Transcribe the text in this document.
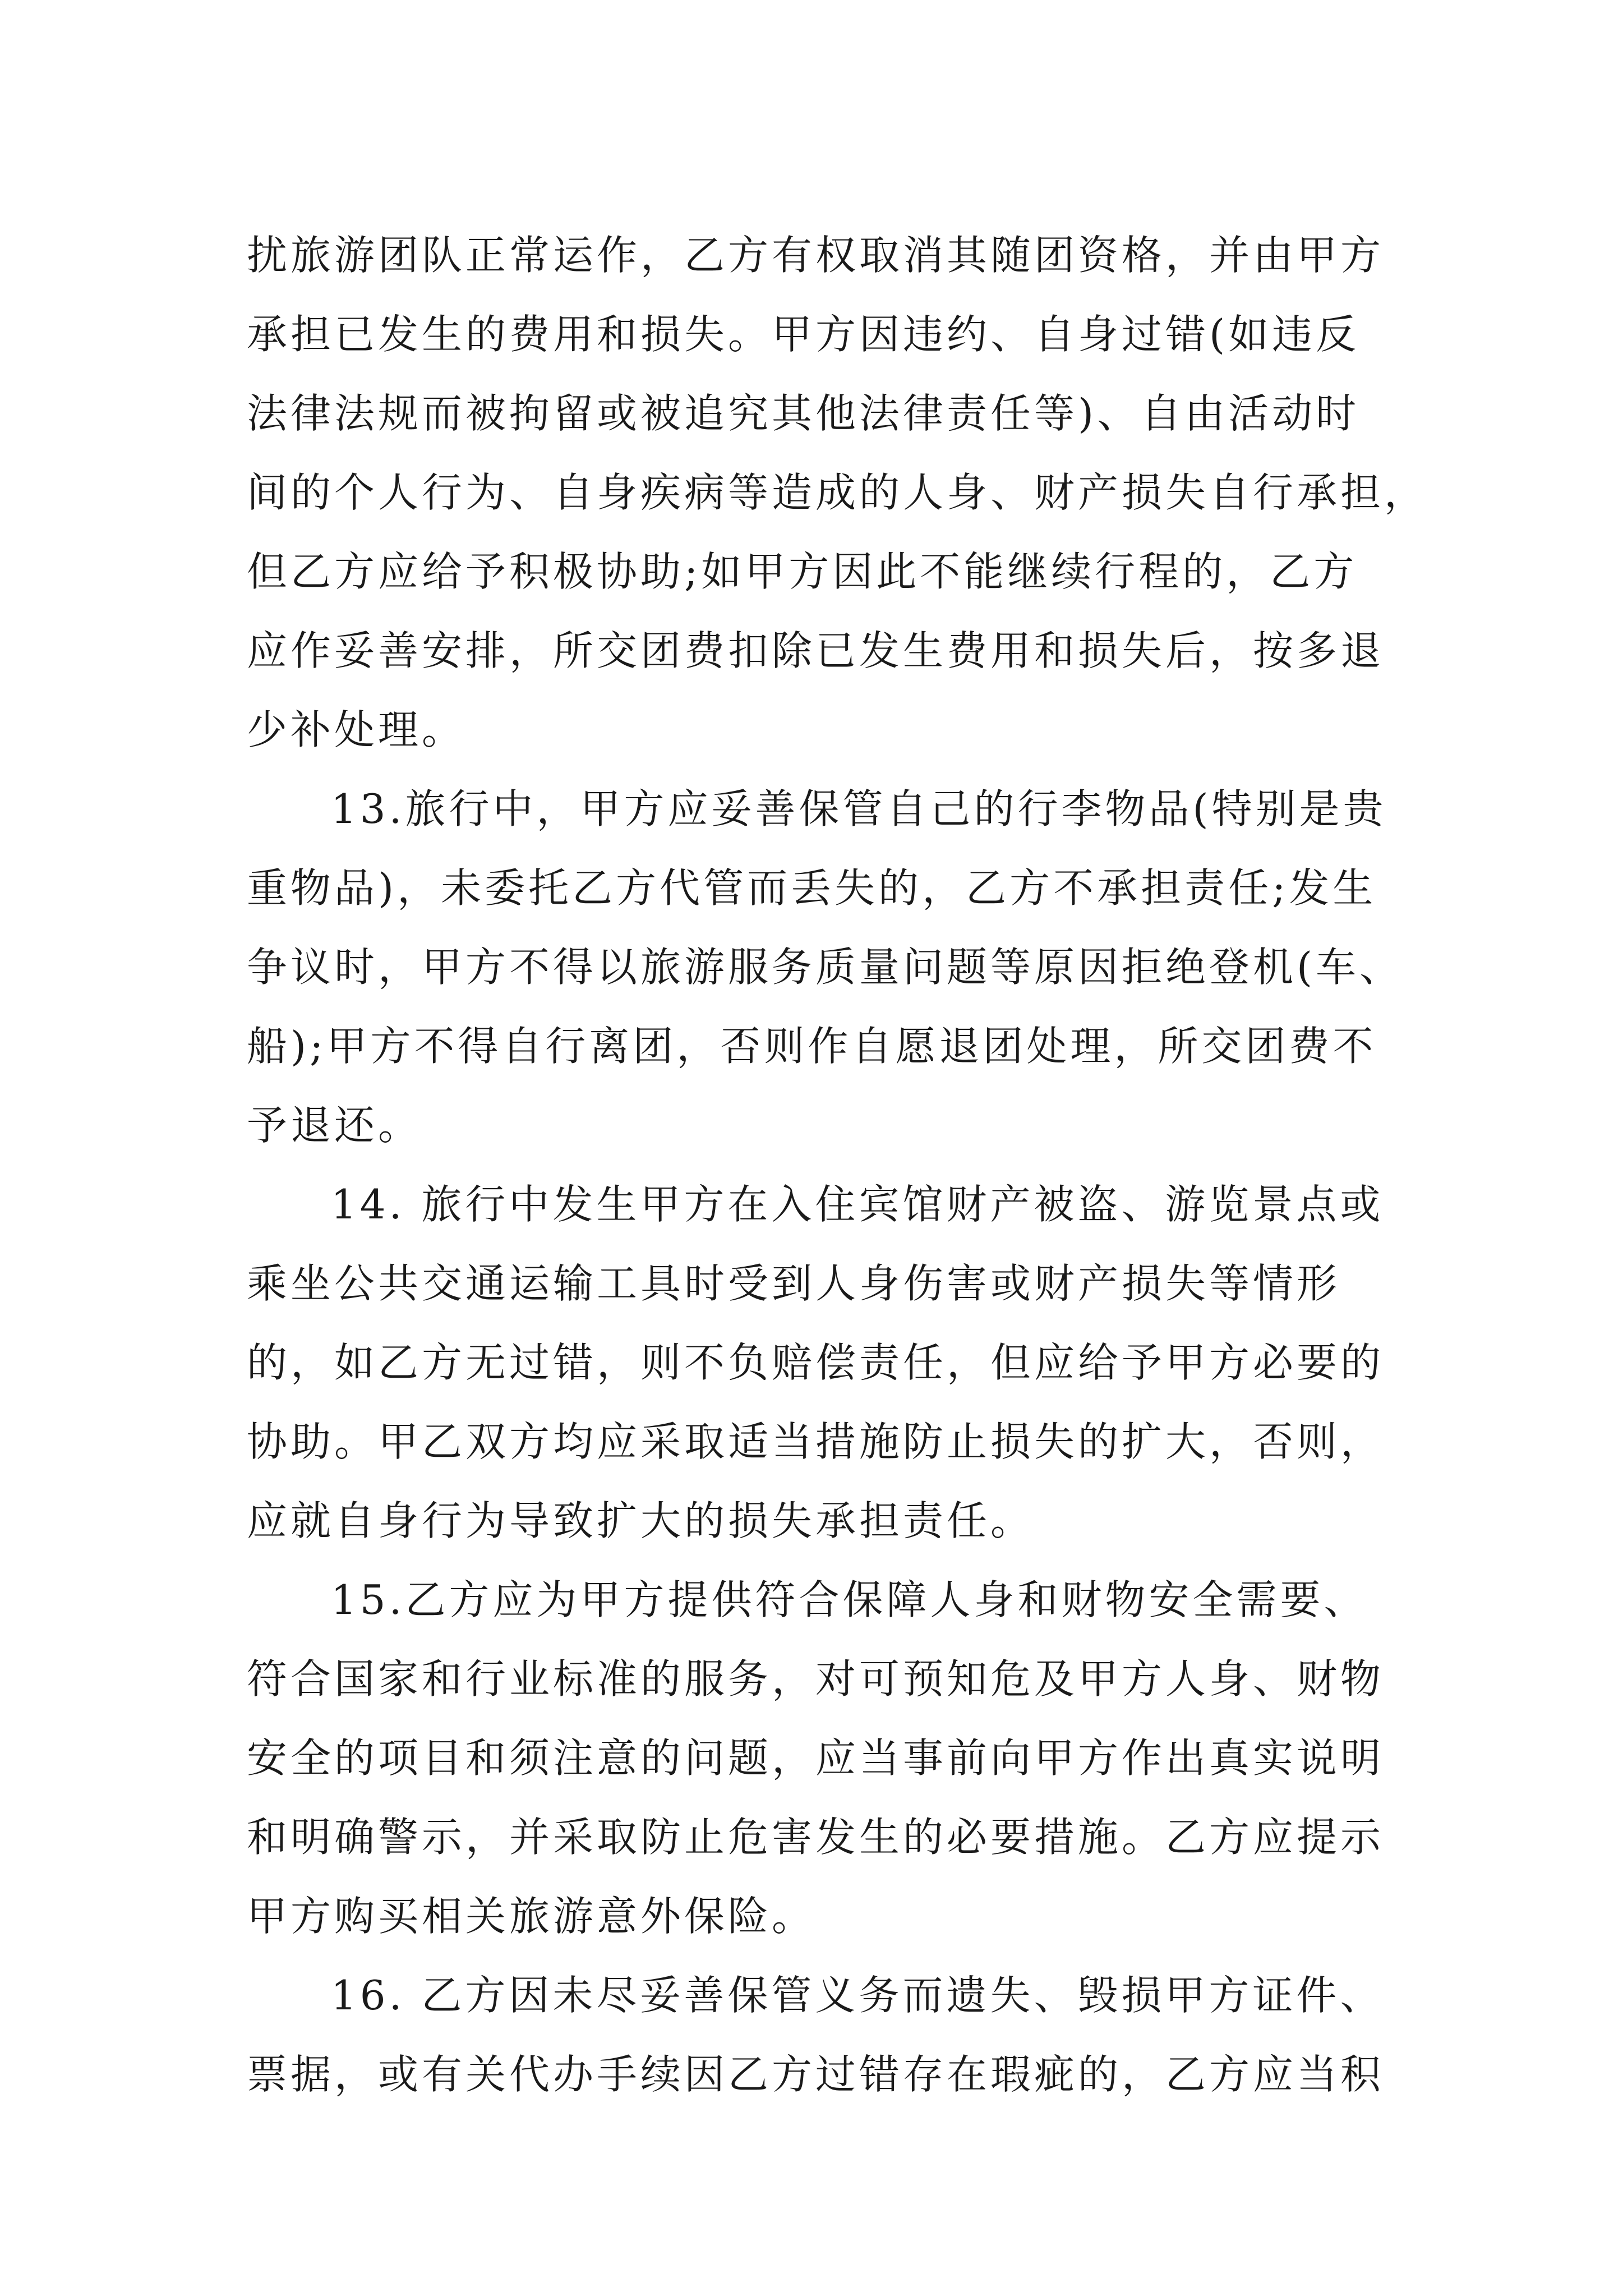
扰旅游团队正常运作，乙方有权取消其随团资格，并由甲方
承担已发生的费用和损失。甲方因违约、自身过错(如违反
法律法规而被拘留或被追究其他法律责任等)、自由活动时
间的个人行为、自身疾病等造成的人身、财产损失自行承担，
但乙方应给予积极协助;如甲方因此不能继续行程的，乙方
应作妥善安排，所交团费扣除已发生费用和损失后，按多退
少补处理。
13.旅行中，甲方应妥善保管自己的行李物品(特别是贵
重物品)，未委托乙方代管而丢失的，乙方不承担责任;发生
争议时，甲方不得以旅游服务质量问题等原因拒绝登机(车、
船);甲方不得自行离团，否则作自愿退团处理，所交团费不
予退还。
14. 旅行中发生甲方在入住宾馆财产被盗、游览景点或
乘坐公共交通运输工具时受到人身伤害或财产损失等情形
的，如乙方无过错，则不负赔偿责任，但应给予甲方必要的
协助。甲乙双方均应采取适当措施防止损失的扩大，否则，
应就自身行为导致扩大的损失承担责任。
15.乙方应为甲方提供符合保障人身和财物安全需要、
符合国家和行业标准的服务，对可预知危及甲方人身、财物
安全的项目和须注意的问题，应当事前向甲方作出真实说明
和明确警示，并采取防止危害发生的必要措施。乙方应提示
甲方购买相关旅游意外保险。
16. 乙方因未尽妥善保管义务而遗失、毁损甲方证件、
票据，或有关代办手续因乙方过错存在瑕疵的，乙方应当积
